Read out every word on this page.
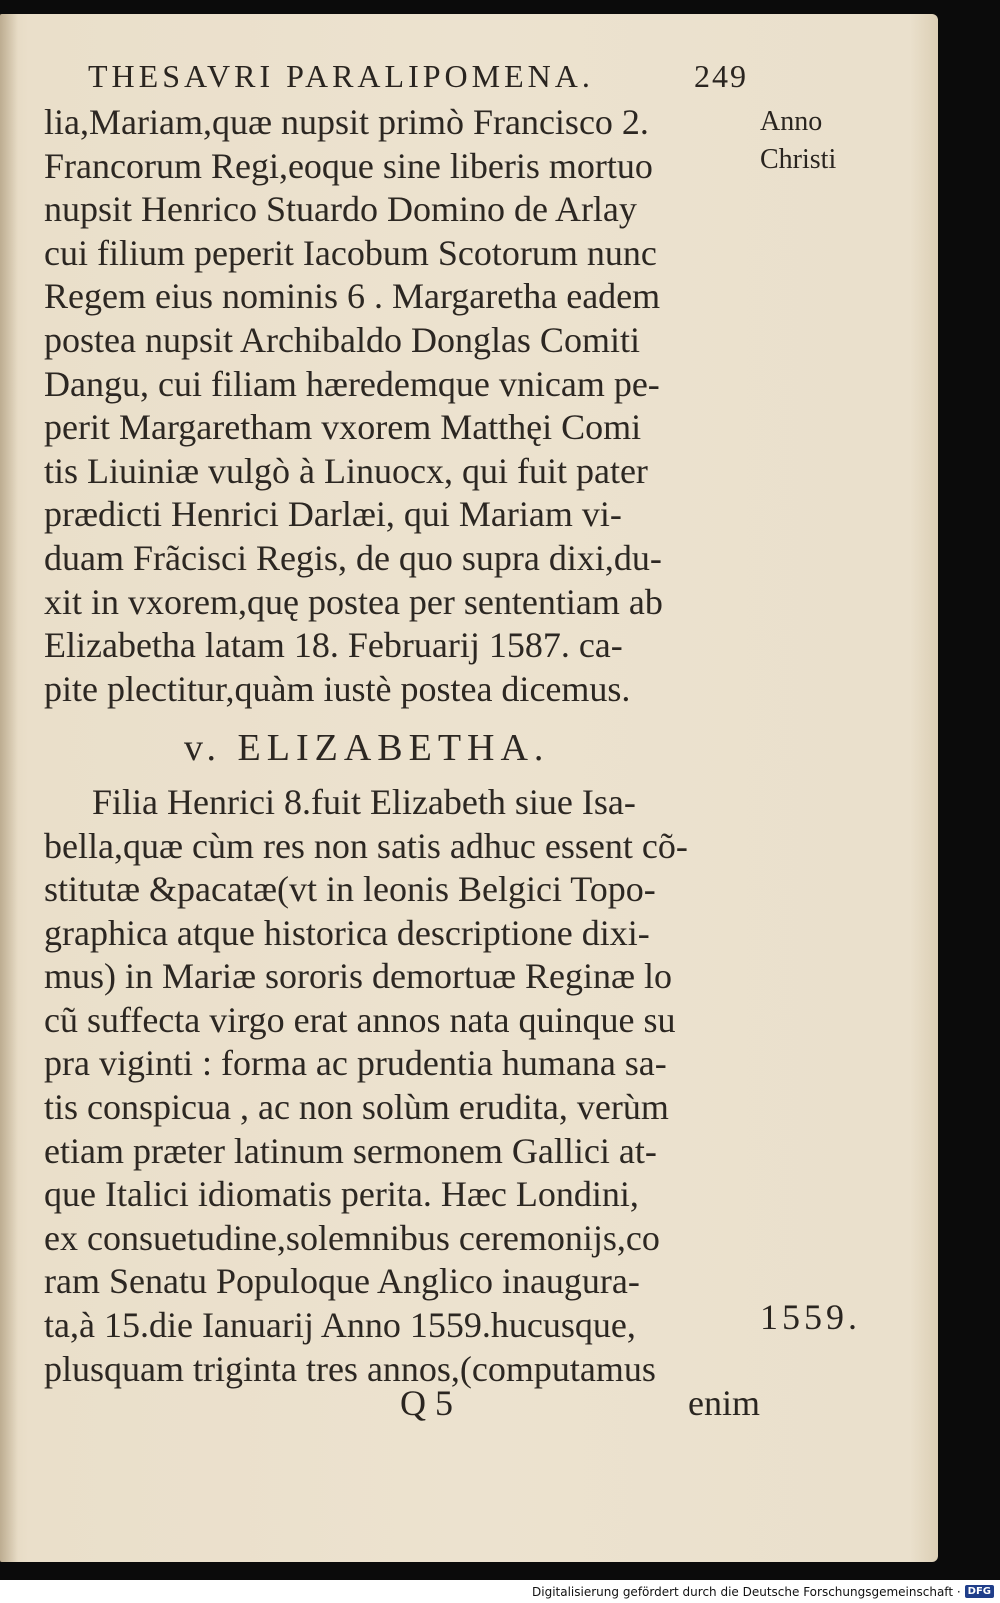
THESAVRI PARALIPOMENA.	249
Anno
Christi
lia,Mariam,quæ nupsit primò Francisco 2.
Francorum Regi,eoque sine liberis mortuo
nupsit Henrico Stuardo Domino de Arlay
cui filium peperit Iacobum Scotorum nunc
Regem eius nominis 6 . Margaretha eadem
postea nupsit Archibaldo Donglas Comiti
Dangu, cui filiam hæredemque vnicam pe-
perit Margaretham vxorem Matthęi Comi
tis Liuiniæ vulgò à Linuocx, qui fuit pater
prædicti Henrici Darlæi, qui Mariam vi-
duam Frãcisci Regis, de quo supra dixi,du-
xit in vxorem,quę postea per sententiam ab
Elizabetha latam 18. Februarij 1587. ca-
pite plectitur,quàm iustè postea dicemus.
v. ELIZABETHA.
Filia Henrici 8.fuit Elizabeth siue Isa-
bella,quæ cùm res non satis adhuc essent cõ-
stitutæ &pacatæ(vt in leonis Belgici Topo-
graphica atque historica descriptione dixi-
mus) in Mariæ sororis demortuæ Reginæ lo
cũ suffecta virgo erat annos nata quinque su
pra viginti : forma ac prudentia humana sa-
tis conspicua , ac non solùm erudita, verùm
etiam præter latinum sermonem Gallici at-
que Italici idiomatis perita. Hæc Londini,
ex consuetudine,solemnibus ceremonijs,co
ram Senatu Populoque Anglico inaugura-
ta,à 15.die Ianuarij Anno 1559.hucusque,
plusquam triginta tres annos,(computamus
1559.
Q 5	enim
Digitalisierung gefördert durch die Deutsche Forschungsgemeinschaft · DFG
